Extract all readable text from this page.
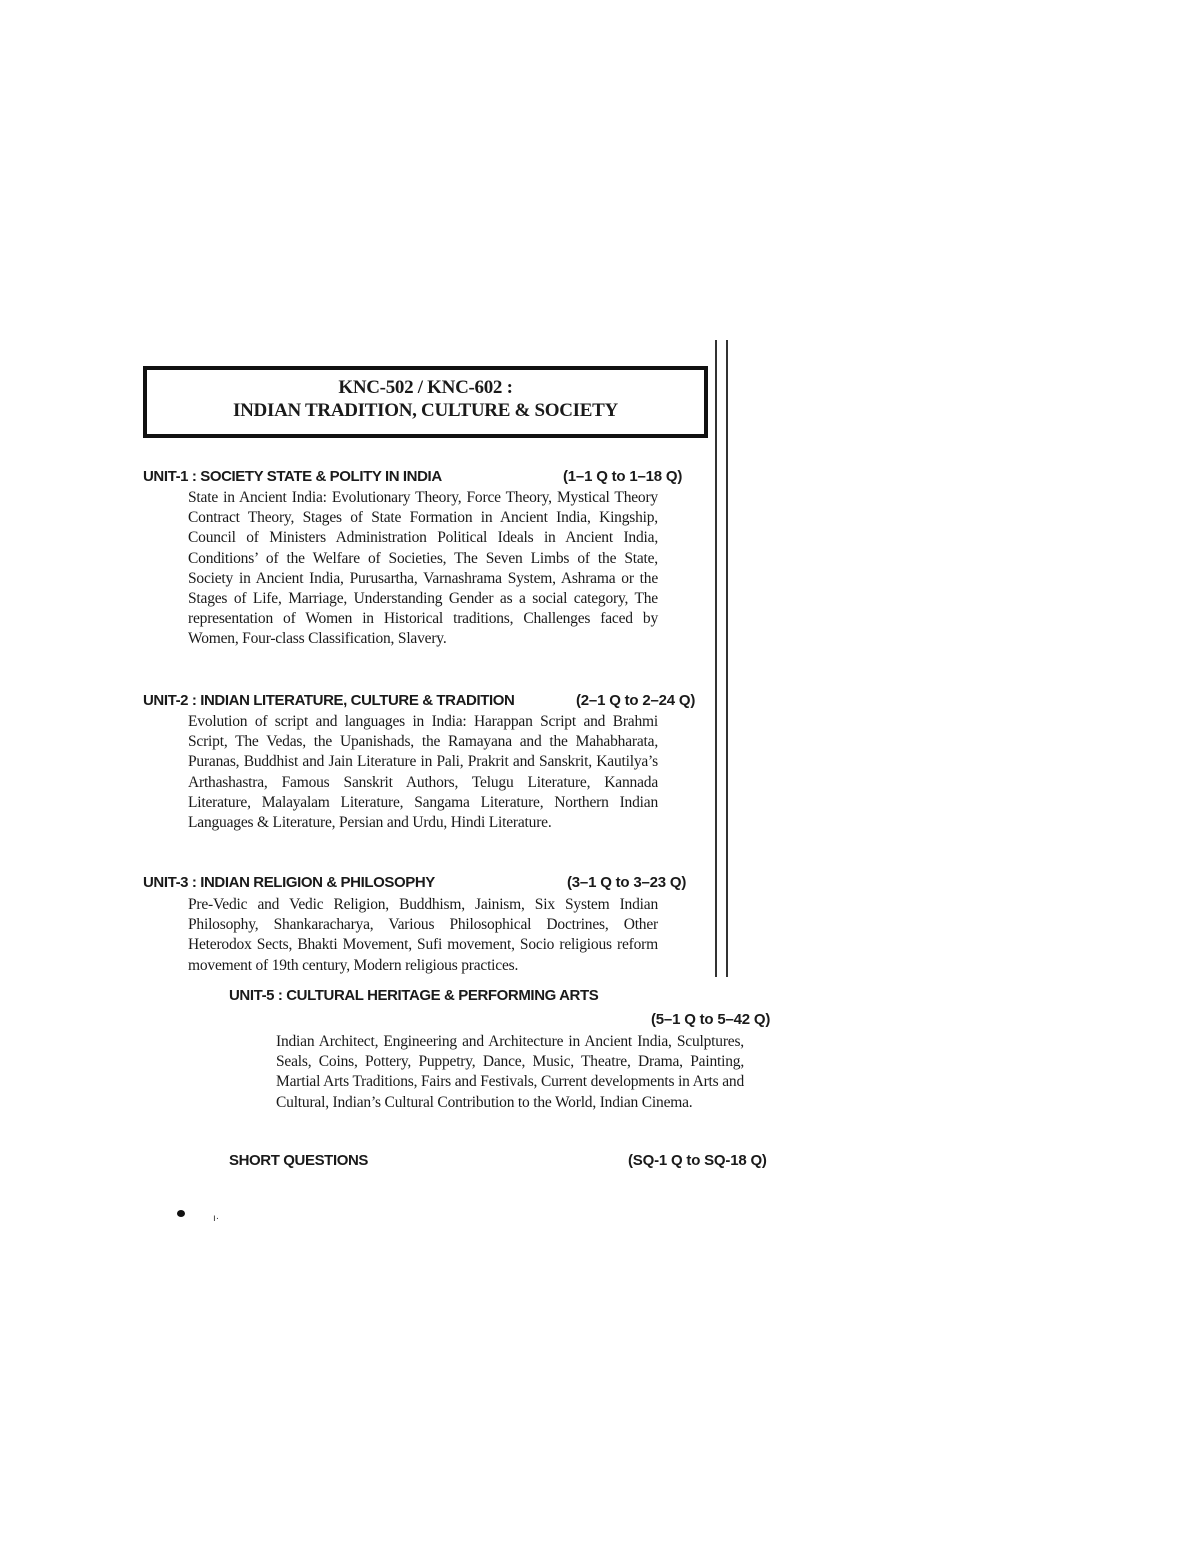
KNC-502 / KNC-602 :
INDIAN TRADITION, CULTURE & SOCIETY
UNIT-1 : SOCIETY STATE & POLITY IN INDIA	(1–1 Q to 1–18 Q)
State in Ancient India: Evolutionary Theory, Force Theory, Mystical Theory Contract Theory, Stages of State Formation in Ancient India, Kingship, Council of Ministers Administration Political Ideals in Ancient India, Conditions’ of the Welfare of Societies, The Seven Limbs of the State, Society in Ancient India, Purusartha, Varnashrama System, Ashrama or the Stages of Life, Marriage, Understanding Gender as a social category, The representation of Women in Historical traditions, Challenges faced by Women, Four-class Classification, Slavery.
UNIT-2 : INDIAN LITERATURE, CULTURE & TRADITION	(2–1 Q to 2–24 Q)
Evolution of script and languages in India: Harappan Script and Brahmi Script, The Vedas, the Upanishads, the Ramayana and the Mahabharata, Puranas, Buddhist and Jain Literature in Pali, Prakrit and Sanskrit, Kautilya’s Arthashastra, Famous Sanskrit Authors, Telugu Literature, Kannada Literature, Malayalam Literature, Sangama Literature, Northern Indian Languages & Literature, Persian and Urdu, Hindi Literature.
UNIT-3 : INDIAN RELIGION & PHILOSOPHY	(3–1 Q to 3–23 Q)
Pre-Vedic and Vedic Religion, Buddhism, Jainism, Six System Indian Philosophy, Shankaracharya, Various Philosophical Doctrines, Other Heterodox Sects, Bhakti Movement, Sufi movement, Socio religious reform movement of 19th century, Modern religious practices.
UNIT-5 : CULTURAL HERITAGE & PERFORMING ARTS
(5–1 Q to 5–42 Q)
Indian Architect, Engineering and Architecture in Ancient India, Sculptures, Seals, Coins, Pottery, Puppetry, Dance, Music, Theatre, Drama, Painting, Martial Arts Traditions, Fairs and Festivals, Current developments in Arts and Cultural, Indian’s Cultural Contribution to the World, Indian Cinema.
SHORT QUESTIONS	(SQ-1 Q to SQ-18 Q)
ı·
